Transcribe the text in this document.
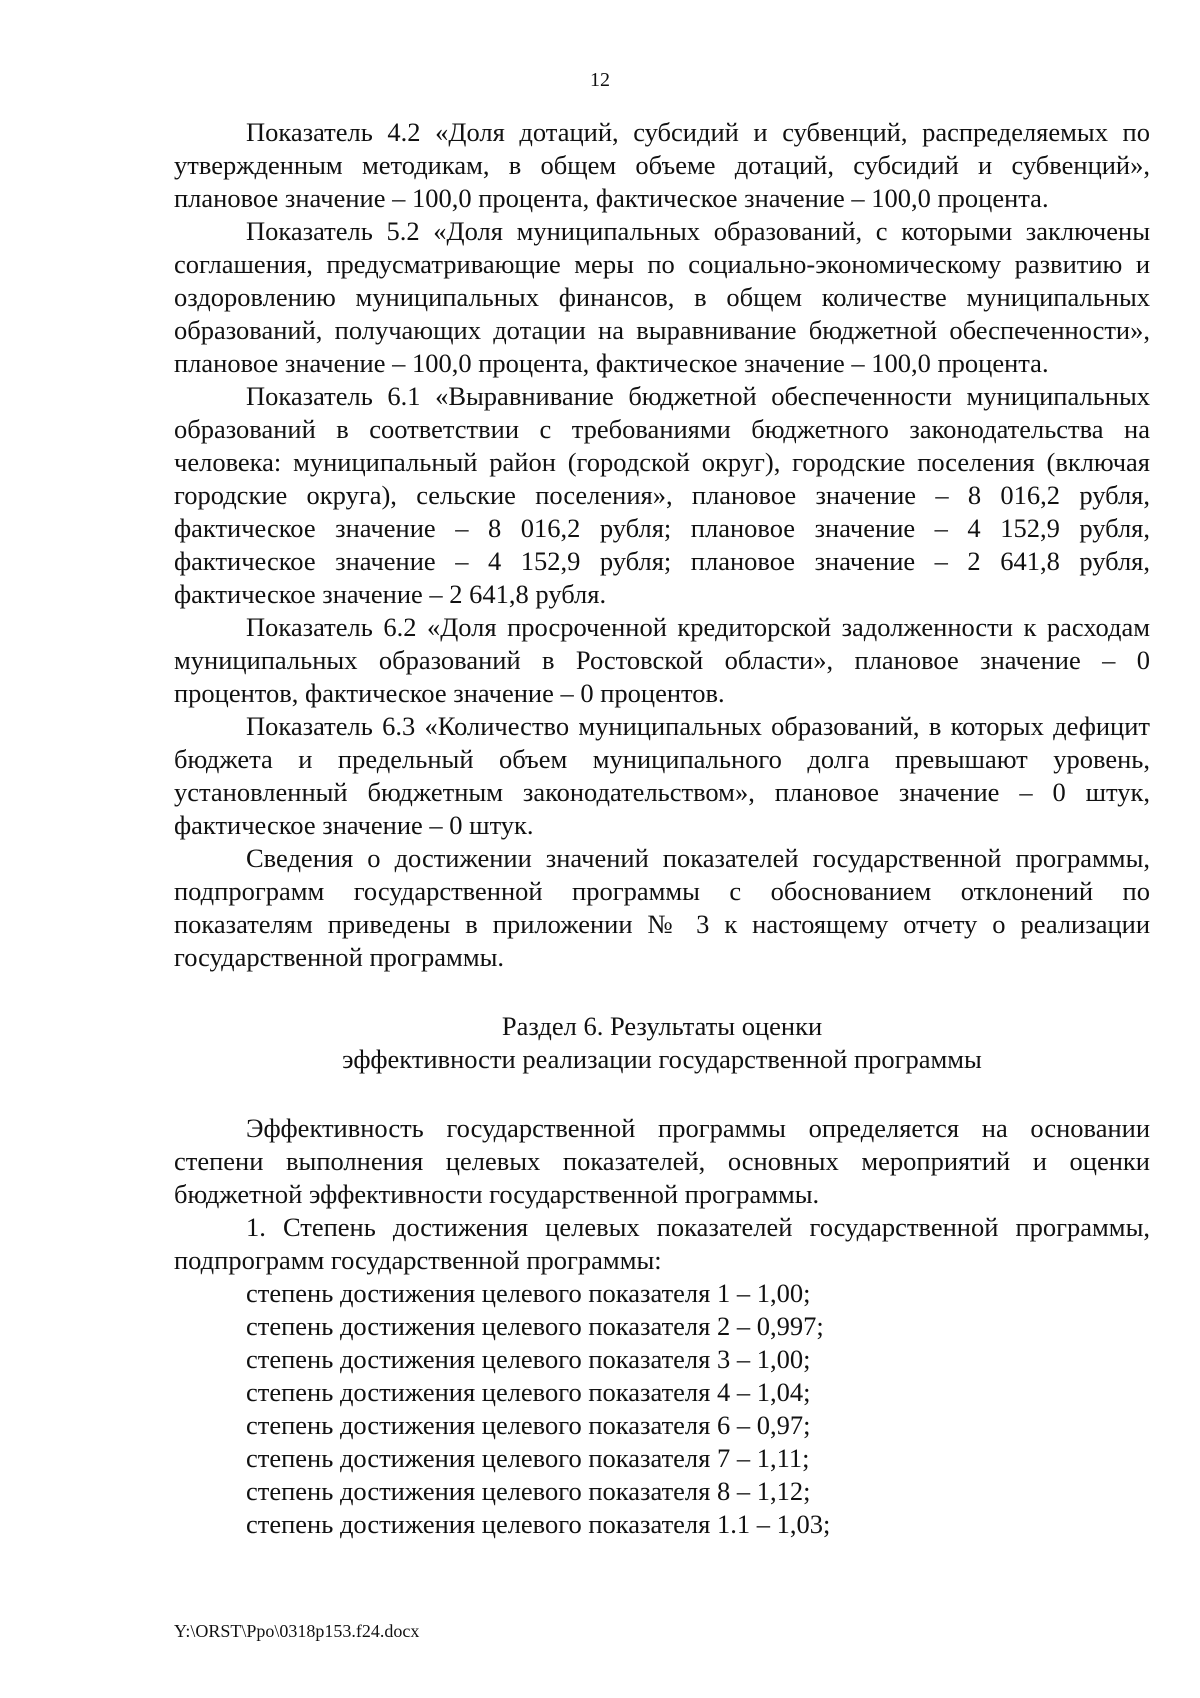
12

Показатель 4.2 «Доля дотаций, субсидий и субвенций, распределяемых по утвержденным методикам, в общем объеме дотаций, субсидий и субвенций», плановое значение – 100,0 процента, фактическое значение – 100,0 процента.

Показатель 5.2 «Доля муниципальных образований, с которыми заключены соглашения, предусматривающие меры по социально-экономическому развитию и оздоровлению муниципальных финансов, в общем количестве муниципальных образований, получающих дотации на выравнивание бюджетной обеспеченности», плановое значение – 100,0 процента, фактическое значение – 100,0 процента.

Показатель 6.1 «Выравнивание бюджетной обеспеченности муниципальных образований в соответствии с требованиями бюджетного законодательства на человека: муниципальный район (городской округ), городские поселения (включая городские округа), сельские поселения», плановое значение – 8 016,2 рубля, фактическое значение – 8 016,2 рубля; плановое значение – 4 152,9 рубля, фактическое значение – 4 152,9 рубля; плановое значение – 2 641,8 рубля, фактическое значение – 2 641,8 рубля.

Показатель 6.2 «Доля просроченной кредиторской задолженности к расходам муниципальных образований в Ростовской области», плановое значение – 0 процентов, фактическое значение – 0 процентов.

Показатель 6.3 «Количество муниципальных образований, в которых дефицит бюджета и предельный объем муниципального долга превышают уровень, установленный бюджетным законодательством», плановое значение – 0 штук, фактическое значение – 0 штук.

Сведения о достижении значений показателей государственной программы, подпрограмм государственной программы с обоснованием отклонений по показателям приведены в приложении № 3 к настоящему отчету о реализации государственной программы.

Раздел 6. Результаты оценки

эффективности реализации государственной программы

Эффективность государственной программы определяется на основании степени выполнения целевых показателей, основных мероприятий и оценки бюджетной эффективности государственной программы.

1. Степень достижения целевых показателей государственной программы, подпрограмм государственной программы:

степень достижения целевого показателя 1 – 1,00;
степень достижения целевого показателя 2 – 0,997;
степень достижения целевого показателя 3 – 1,00;
степень достижения целевого показателя 4 – 1,04;
степень достижения целевого показателя 6 – 0,97;
степень достижения целевого показателя 7 – 1,11;
степень достижения целевого показателя 8 – 1,12;
степень достижения целевого показателя 1.1 – 1,03;
Y:\ORST\Ppo\0318p153.f24.docx
